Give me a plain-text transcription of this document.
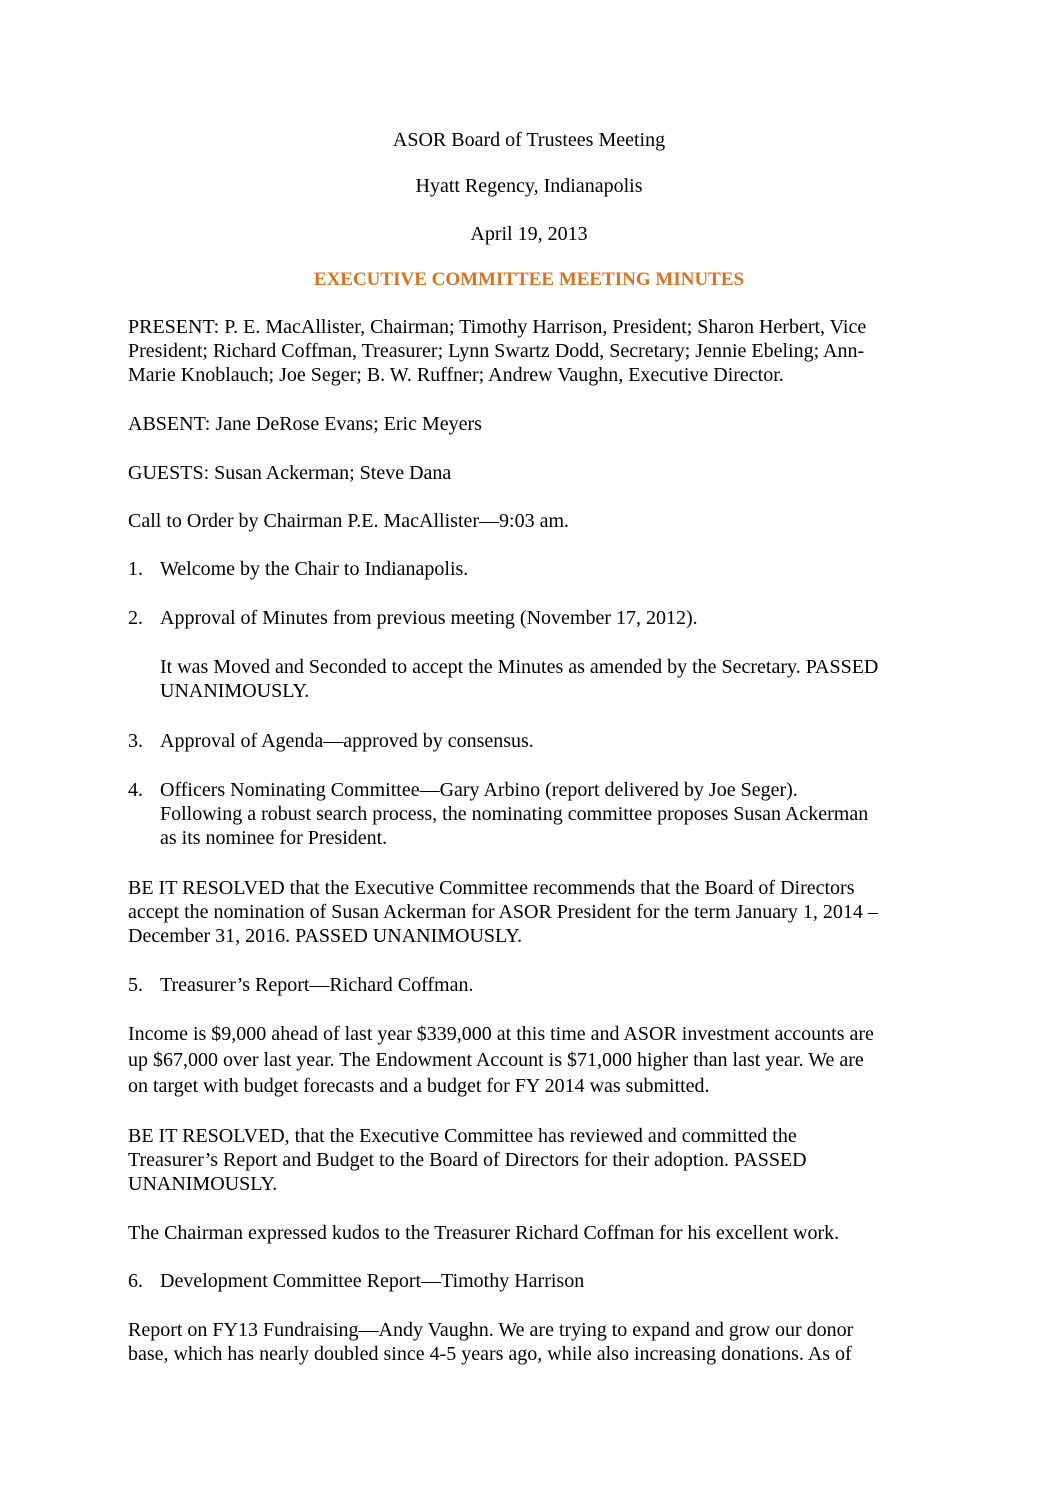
ASOR Board of Trustees Meeting

Hyatt Regency, Indianapolis

April 19, 2013

EXECUTIVE COMMITTEE MEETING MINUTES

PRESENT: P. E. MacAllister, Chairman; Timothy Harrison, President; Sharon Herbert, Vice

President; Richard Coffman, Treasurer; Lynn Swartz Dodd, Secretary; Jennie Ebeling; Ann-

Marie Knoblauch; Joe Seger; B. W. Ruffner; Andrew Vaughn, Executive Director.

ABSENT: Jane DeRose Evans; Eric Meyers

GUESTS: Susan Ackerman; Steve Dana

Call to Order by Chairman P.E. MacAllister—9:03 am.

1. Welcome by the Chair to Indianapolis.

2. Approval of Minutes from previous meeting (November 17, 2012).

It was Moved and Seconded to accept the Minutes as amended by the Secretary. PASSED

UNANIMOUSLY.

3. Approval of Agenda—approved by consensus.

4. Officers Nominating Committee—Gary Arbino (report delivered by Joe Seger).

Following a robust search process, the nominating committee proposes Susan Ackerman

as its nominee for President.

BE IT RESOLVED that the Executive Committee recommends that the Board of Directors

accept the nomination of Susan Ackerman for ASOR President for the term January 1, 2014 –

December 31, 2016. PASSED UNANIMOUSLY.

5. Treasurer’s Report—Richard Coffman.

Income is $9,000 ahead of last year $339,000 at this time and ASOR investment accounts are

up $67,000 over last year. The Endowment Account is $71,000 higher than last year. We are

on target with budget forecasts and a budget for FY 2014 was submitted.

BE IT RESOLVED, that the Executive Committee has reviewed and committed the

Treasurer’s Report and Budget to the Board of Directors for their adoption. PASSED

UNANIMOUSLY.

The Chairman expressed kudos to the Treasurer Richard Coffman for his excellent work.

6. Development Committee Report—Timothy Harrison

Report on FY13 Fundraising—Andy Vaughn. We are trying to expand and grow our donor

base, which has nearly doubled since 4-5 years ago, while also increasing donations. As of
